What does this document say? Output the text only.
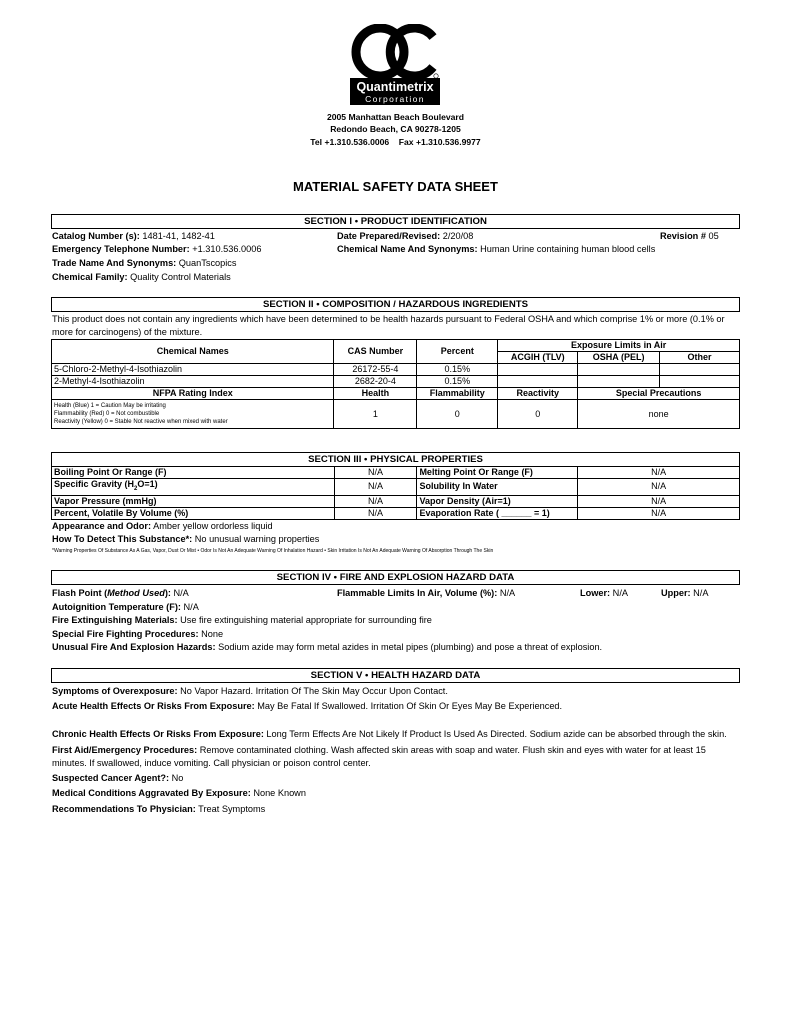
Quantimetrix
Corporation
2005 Manhattan Beach Boulevard
Redondo Beach, CA 90278-1205
Tel +1.310.536.0006    Fax +1.310.536.9977
MATERIAL SAFETY DATA SHEET
SECTION I • PRODUCT IDENTIFICATION
Catalog Number (s): 1481-41, 1482-41	Date Prepared/Revised: 2/20/08	Revision # 05
Emergency Telephone Number: +1.310.536.0006	Chemical Name And Synonyms: Human Urine containing human blood cells
Trade Name And Synonyms: QuanTscopics
Chemical Family: Quality Control Materials
SECTION II • COMPOSITION / HAZARDOUS INGREDIENTS
This product does not contain any ingredients which have been determined to be health hazards pursuant to Federal OSHA and which comprise 1% or more (0.1% or more for carcinogens) of the mixture.
Chemical Names	CAS Number	Percent	Exposure Limits in Air		
			ACGIH (TLV)	OSHA (PEL)	Other
5-Chloro-2-Methyl-4-Isothiazolin	26172-55-4	0.15%			
2-Methyl-4-Isothiazolin	2682-20-4	0.15%			
NFPA Rating Index	Health	Flammability	Reactivity	Special Precautions	

Health (Blue) 1 = Caution May be irritating
Flammability (Red) 0 = Not combustible
Reactivity (Yellow) 0 = Stable Not reactive when mixed with water	1	0	0	none	
SECTION III • PHYSICAL PROPERTIES
Boiling Point Or Range (F)	N/A	Melting Point Or Range (F)	N/A
Specific Gravity $(H_2O=1)$	N/A	Solubility In Water	N/A
Vapor Pressure (mmHg)	N/A	Vapor Density (Air=1)	N/A
Percent, Volatile By Volume (%)	N/A	Evaporation Rate ( ______ = 1)	N/A
Appearance and Odor: Amber yellow ordorless liquid
How To Detect This Substance*: No unusual warning properties
*Warning Properties Of Substance As A Gas, Vapor, Dust Or Mist • Odor Is Not An Adequate Warning Of Inhalation Hazard • Skin Irritation Is Not An Adequate Warning Of Absorption Through The Skin
SECTION IV • FIRE AND EXPLOSION HAZARD DATA
Flash Point (Method Used): N/A	Flammable Limits In Air, Volume (%): N/A	Lower: N/A	Upper: N/A
Autoignition Temperature (F): N/A
Fire Extinguishing Materials: Use fire extinguishing material appropriate for surrounding fire
Special Fire Fighting Procedures: None
Unusual Fire And Explosion Hazards: Sodium azide may form metal azides in metal pipes (plumbing) and pose a threat of explosion.
SECTION V • HEALTH HAZARD DATA
Symptoms of Overexposure: No Vapor Hazard. Irritation Of The Skin May Occur Upon Contact.
Acute Health Effects Or Risks From Exposure: May Be Fatal If Swallowed. Irritation Of Skin Or Eyes May Be Experienced.
Chronic Health Effects Or Risks From Exposure: Long Term Effects Are Not Likely If Product Is Used As Directed. Sodium azide can be absorbed through the skin.
First Aid/Emergency Procedures: Remove contaminated clothing. Wash affected skin areas with soap and water. Flush skin and eyes with water for at least 15 minutes. If swallowed, induce vomiting. Call physician or poison control center.
Suspected Cancer Agent?: No
Medical Conditions Aggravated By Exposure: None Known
Recommendations To Physician: Treat Symptoms
